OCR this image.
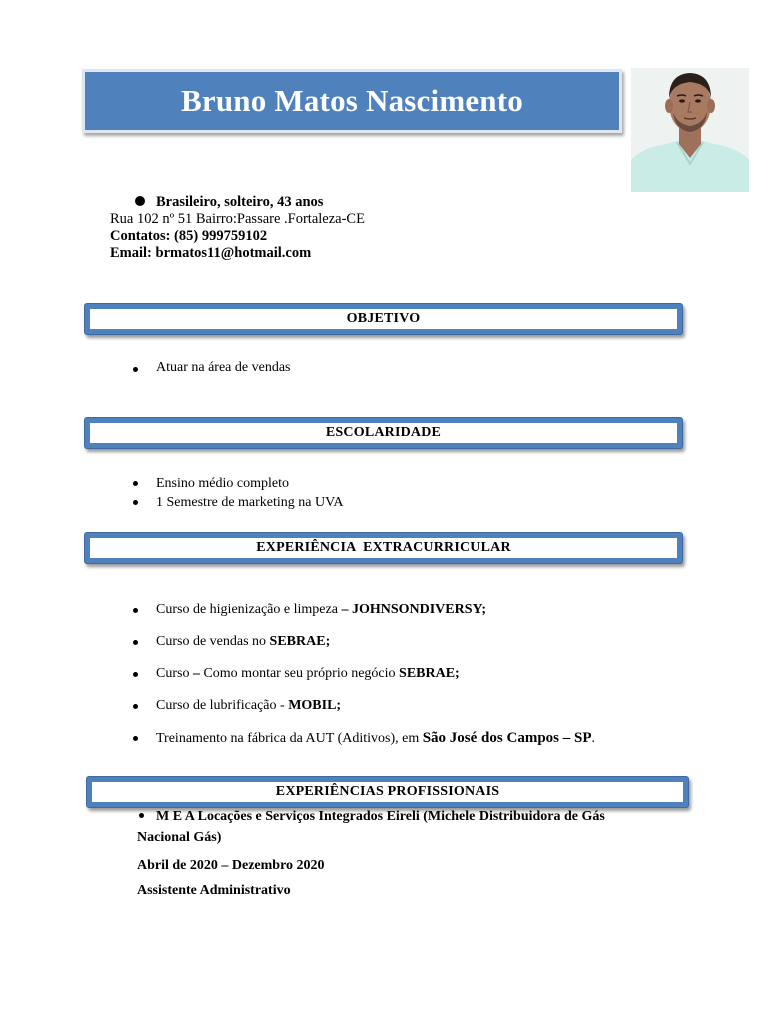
Bruno Matos Nascimento
Brasileiro, solteiro, 43 anos
Rua 102 nº 51 Bairro:Passare .Fortaleza-CE
Contatos: (85) 999759102
Email: brmatos11@hotmail.com
OBJETIVO
Atuar na área de vendas
ESCOLARIDADE
Ensino médio completo
1 Semestre de marketing na UVA
EXPERIÊNCIA  EXTRACURRICULAR
Curso de higienização e limpeza – JOHNSONDIVERSY;
Curso de vendas no SEBRAE;
Curso – Como montar seu próprio negócio SEBRAE;
Curso de lubrificação - MOBIL;
Treinamento na fábrica da AUT (Aditivos), em São José dos Campos – SP.
EXPERIÊNCIAS PROFISSIONAIS
M E A Locações e Serviços Integrados Eireli (Michele Distribuidora de Gás
Nacional Gás)
Abril de 2020 – Dezembro 2020
Assistente Administrativo
